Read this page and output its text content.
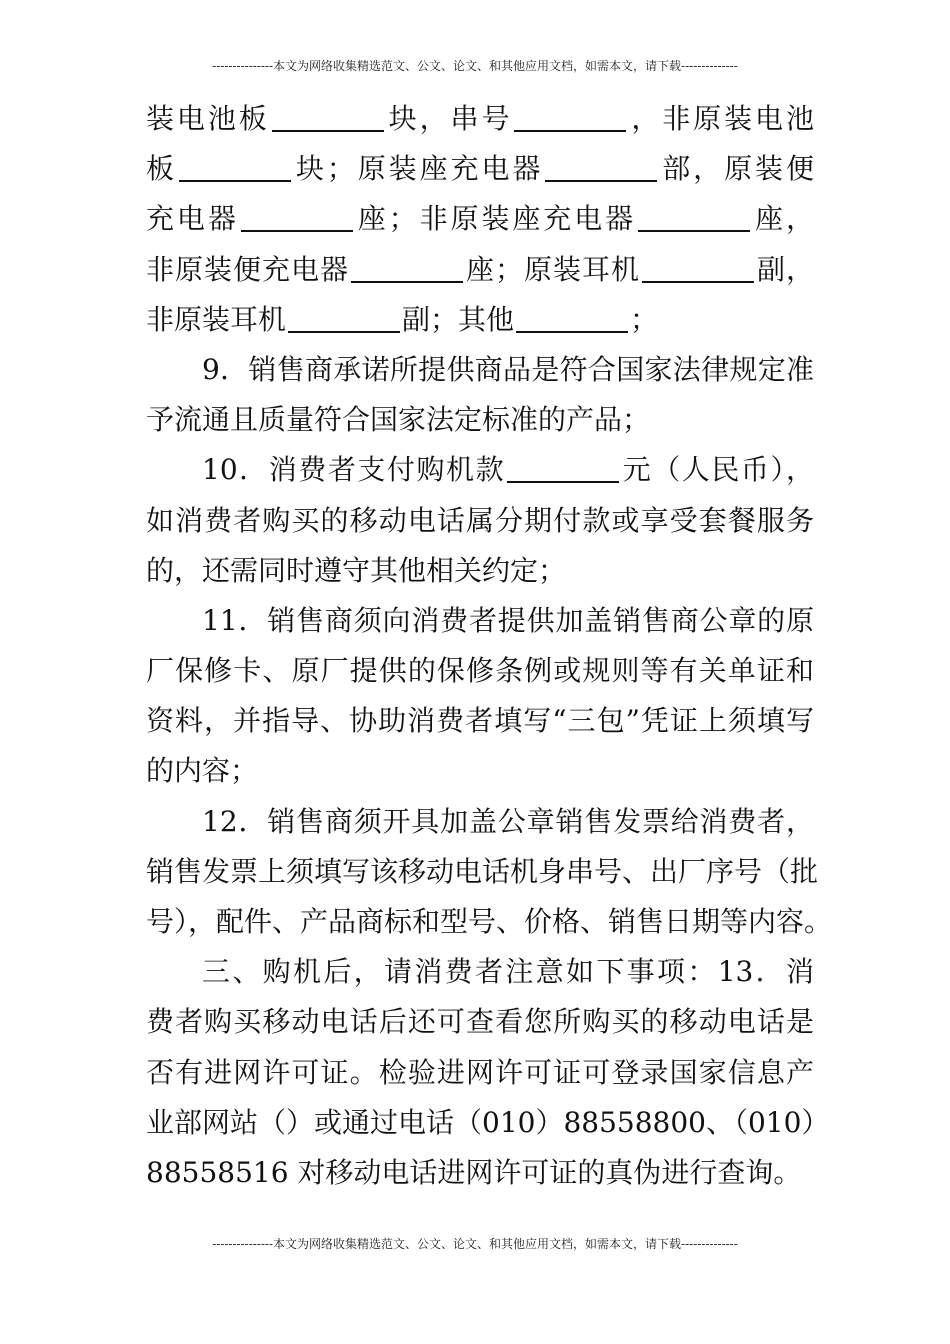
---------------本文为网络收集精选范文、公文、论文、和其他应用文档，如需本文，请下载--------------
装电池板	块，串号	，非原装电池
板	块；原装座充电器	部，原装便
充电器	座；非原装座充电器	座，
非原装便充电器	座；原装耳机	副，
非原装耳机	副；其他	；
9．销售商承诺所提供商品是符合国家法律规定准
予流通且质量符合国家法定标准的产品；
10．消费者支付购机款	元（人民币），
如消费者购买的移动电话属分期付款或享受套餐服务
的，还需同时遵守其他相关约定；
11．销售商须向消费者提供加盖销售商公章的原
厂保修卡、原厂提供的保修条例或规则等有关单证和
资料，并指导、协助消费者填写“三包”凭证上须填写
的内容；
12．销售商须开具加盖公章销售发票给消费者，
销售发票上须填写该移动电话机身串号、出厂序号（批
号），配件、产品商标和型号、价格、销售日期等内容。
三、购机后，请消费者注意如下事项：13．消
费者购买移动电话后还可查看您所购买的移动电话是
否有进网许可证。检验进网许可证可登录国家信息产
业部网站（）或通过电话（010）88558800、（010）
88558516 对移动电话进网许可证的真伪进行查询。
---------------本文为网络收集精选范文、公文、论文、和其他应用文档，如需本文，请下载--------------
